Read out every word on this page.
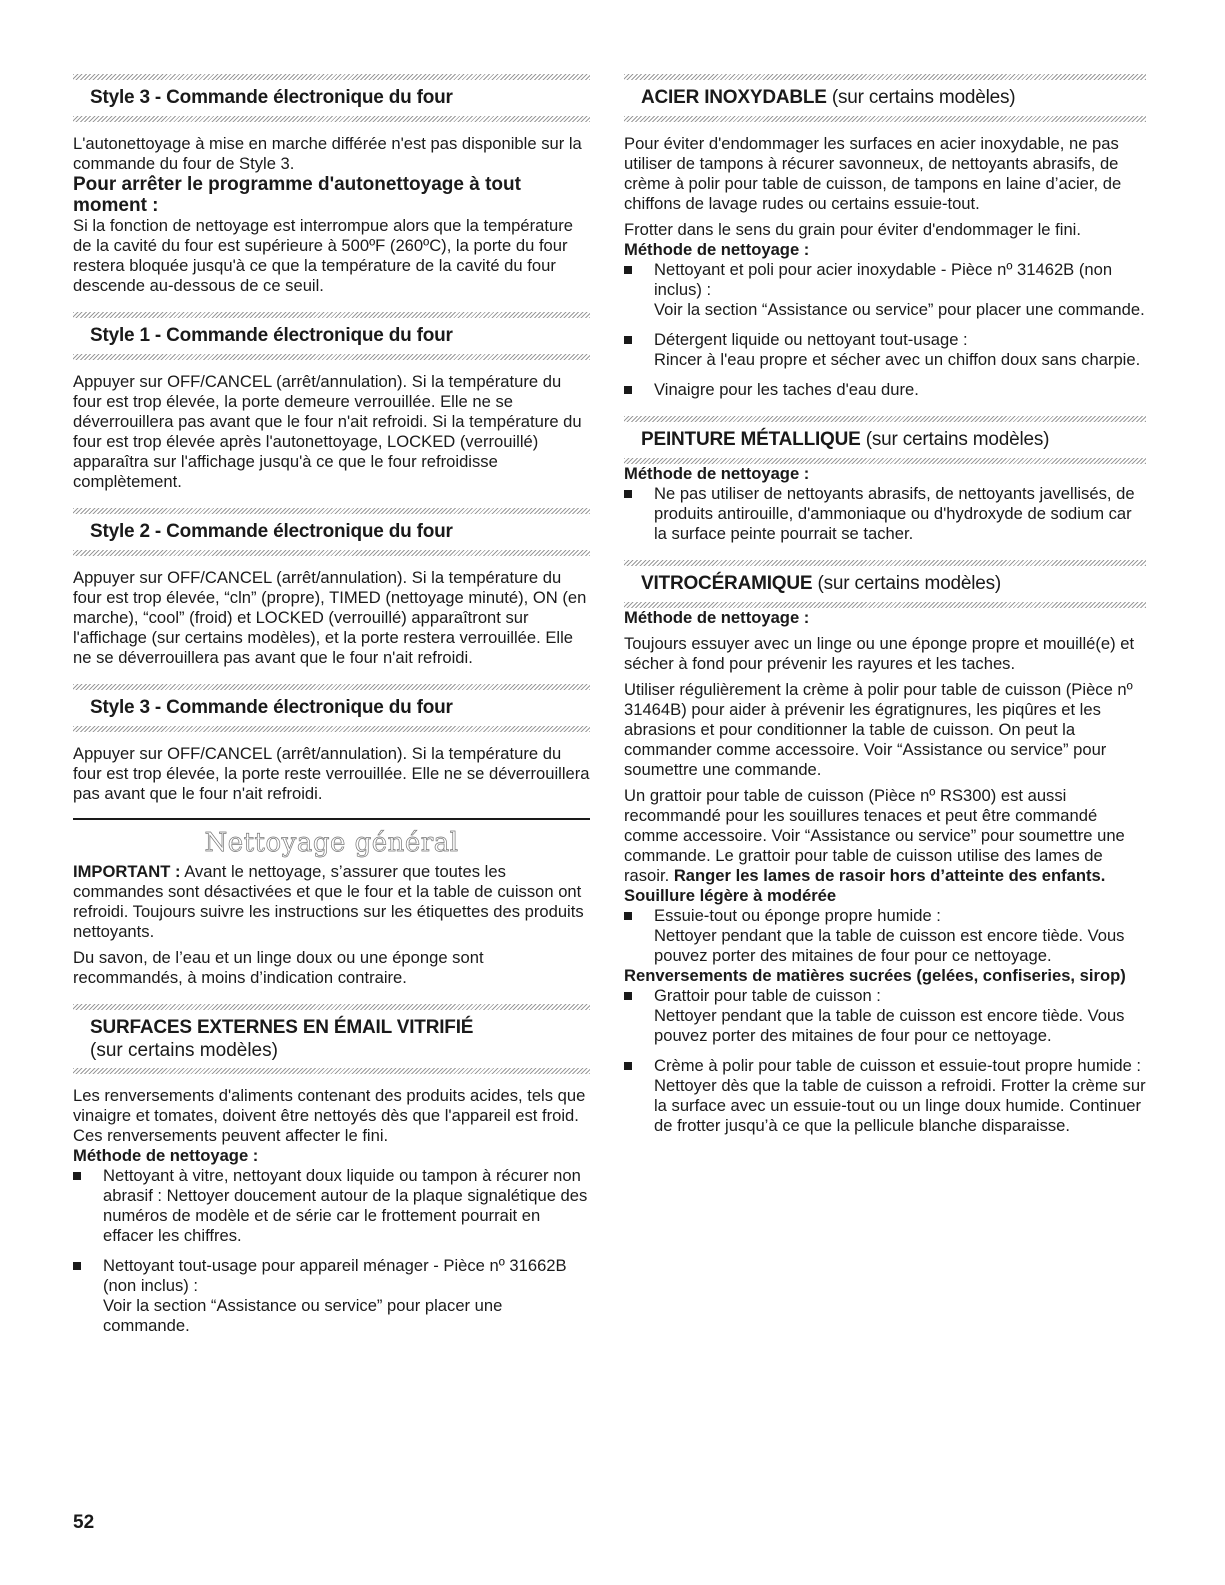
Style 3 - Commande électronique du four

L'autonettoyage à mise en marche différée n'est pas disponible sur la commande du four de Style 3.

Pour arrêter le programme d'autonettoyage à tout moment :

Si la fonction de nettoyage est interrompue alors que la température de la cavité du four est supérieure à 500ºF (260ºC), la porte du four restera bloquée jusqu'à ce que la température de la cavité du four descende au-dessous de ce seuil.

Style 1 - Commande électronique du four

Appuyer sur OFF/CANCEL (arrêt/annulation). Si la température du four est trop élevée, la porte demeure verrouillée. Elle ne se déverrouillera pas avant que le four n'ait refroidi. Si la température du four est trop élevée après l'autonettoyage, LOCKED (verrouillé) apparaîtra sur l'affichage jusqu'à ce que le four refroidisse complètement.

Style 2 - Commande électronique du four

Appuyer sur OFF/CANCEL (arrêt/annulation). Si la température du four est trop élevée, “cln” (propre), TIMED (nettoyage minuté), ON (en marche), “cool” (froid) et LOCKED (verrouillé) apparaîtront sur l'affichage (sur certains modèles), et la porte restera verrouillée. Elle ne se déverrouillera pas avant que le four n'ait refroidi.

Style 3 - Commande électronique du four

Appuyer sur OFF/CANCEL (arrêt/annulation). Si la température du four est trop élevée, la porte reste verrouillée. Elle ne se déverrouillera pas avant que le four n'ait refroidi.

Nettoyage général

IMPORTANT : Avant le nettoyage, s’assurer que toutes les commandes sont désactivées et que le four et la table de cuisson ont refroidi. Toujours suivre les instructions sur les étiquettes des produits nettoyants.

Du savon, de l’eau et un linge doux ou une éponge sont recommandés, à moins d’indication contraire.

SURFACES EXTERNES EN ÉMAIL VITRIFIÉ
(sur certains modèles)

Les renversements d'aliments contenant des produits acides, tels que vinaigre et tomates, doivent être nettoyés dès que l'appareil est froid. Ces renversements peuvent affecter le fini.

Méthode de nettoyage :

Nettoyant à vitre, nettoyant doux liquide ou tampon à récurer non abrasif : Nettoyer doucement autour de la plaque signalétique des numéros de modèle et de série car le frottement pourrait en effacer les chiffres.
Nettoyant tout-usage pour appareil ménager - Pièce nº 31662B (non inclus) :
Voir la section “Assistance ou service” pour placer une commande.
ACIER INOXYDABLE (sur certains modèles)

Pour éviter d'endommager les surfaces en acier inoxydable, ne pas utiliser de tampons à récurer savonneux, de nettoyants abrasifs, de crème à polir pour table de cuisson, de tampons en laine d’acier, de chiffons de lavage rudes ou certains essuie-tout.

Frotter dans le sens du grain pour éviter d'endommager le fini.

Méthode de nettoyage :

Nettoyant et poli pour acier inoxydable - Pièce nº 31462B (non inclus) :
Voir la section “Assistance ou service” pour placer une commande.
Détergent liquide ou nettoyant tout-usage :
Rincer à l'eau propre et sécher avec un chiffon doux sans charpie.
Vinaigre pour les taches d'eau dure.
PEINTURE MÉTALLIQUE (sur certains modèles)

Méthode de nettoyage :

Ne pas utiliser de nettoyants abrasifs, de nettoyants javellisés, de produits antirouille, d'ammoniaque ou d'hydroxyde de sodium car la surface peinte pourrait se tacher.
VITROCÉRAMIQUE (sur certains modèles)

Méthode de nettoyage :

Toujours essuyer avec un linge ou une éponge propre et mouillé(e) et sécher à fond pour prévenir les rayures et les taches.

Utiliser régulièrement la crème à polir pour table de cuisson (Pièce nº 31464B) pour aider à prévenir les égratignures, les piqûres et les abrasions et pour conditionner la table de cuisson. On peut la commander comme accessoire. Voir “Assistance ou service” pour soumettre une commande.

Un grattoir pour table de cuisson (Pièce nº RS300) est aussi recommandé pour les souillures tenaces et peut être commandé comme accessoire. Voir “Assistance ou service” pour soumettre une commande. Le grattoir pour table de cuisson utilise des lames de rasoir. Ranger les lames de rasoir hors d’atteinte des enfants.

Souillure légère à modérée

Essuie-tout ou éponge propre humide :
Nettoyer pendant que la table de cuisson est encore tiède. Vous pouvez porter des mitaines de four pour ce nettoyage.

Renversements de matières sucrées (gelées, confiseries, sirop)

Grattoir pour table de cuisson :
Nettoyer pendant que la table de cuisson est encore tiède. Vous pouvez porter des mitaines de four pour ce nettoyage.
Crème à polir pour table de cuisson et essuie-tout propre humide :
Nettoyer dès que la table de cuisson a refroidi. Frotter la crème sur la surface avec un essuie-tout ou un linge doux humide. Continuer de frotter jusqu’à ce que la pellicule blanche disparaisse.
52
